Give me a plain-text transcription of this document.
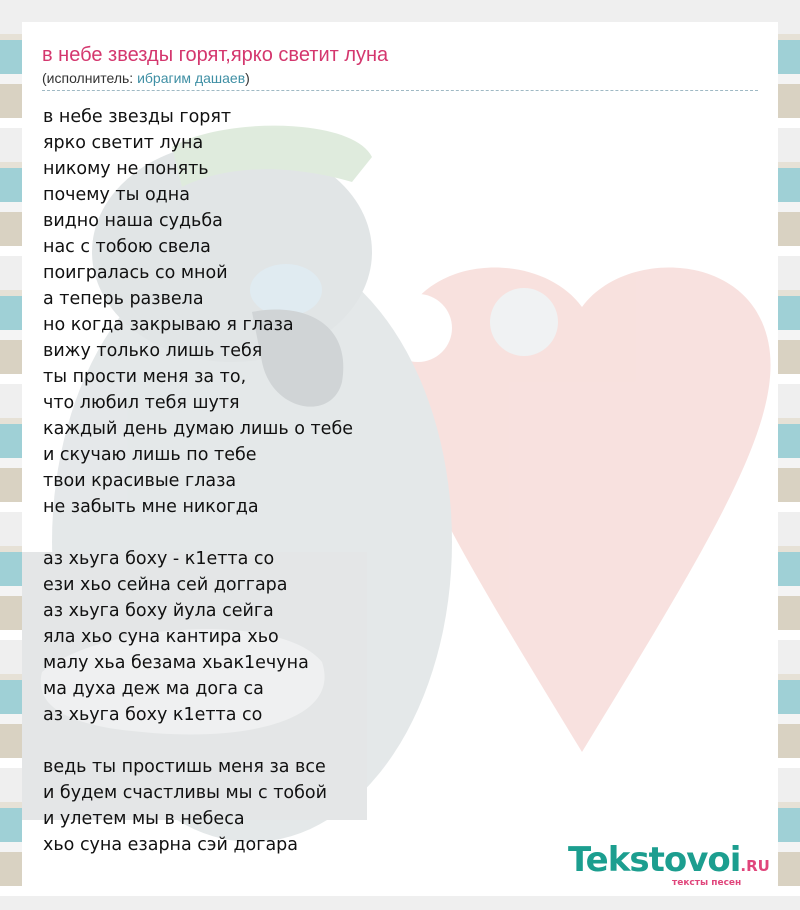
в небе звезды горят,ярко светит луна
(исполнитель: ибрагим дашаев)
в небе звезды горят
ярко светит луна
никому не понять
почему ты одна
видно наша судьба
нас с тобою свела
поигралась со мной
а теперь развела
но когда закрываю я глаза
вижу только лишь тебя
ты прости меня за то,
что любил тебя шутя
каждый день думаю лишь о тебе
и скучаю лишь по тебе
твои красивые глаза
не забыть мне никогда
аз хьуга боху - к1етта со
ези хьо сейна сей доггара
аз хьуга боху йула сейга
яла хьо суна кантира хьо
малу хьа безама хьак1ечуна
ма духа деж ма дога са
аз хьуга боху к1етта со
ведь ты простишь меня за все
и будем счастливы мы с тобой
и улетем мы в небеса
хьо суна езарна сэй догара	Tekstovoi.RU
тексты песен
